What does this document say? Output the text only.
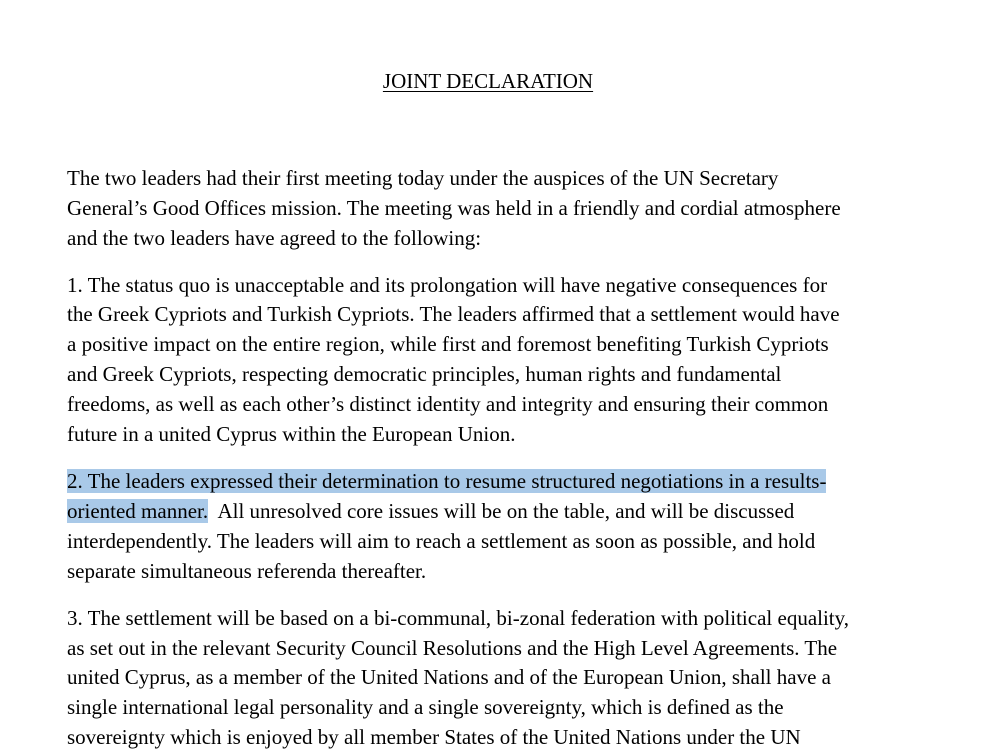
JOINT DECLARATION
The two leaders had their first meeting today under the auspices of the UN Secretary
General’s Good Offices mission. The meeting was held in a friendly and cordial atmosphere
and the two leaders have agreed to the following:
1. The status quo is unacceptable and its prolongation will have negative consequences for
the Greek Cypriots and Turkish Cypriots. The leaders affirmed that a settlement would have
a positive impact on the entire region, while first and foremost benefiting Turkish Cypriots
and Greek Cypriots, respecting democratic principles, human rights and fundamental
freedoms, as well as each other’s distinct identity and integrity and ensuring their common
future in a united Cyprus within the European Union.
2. The leaders expressed their determination to resume structured negotiations in a results-
oriented manner.  All unresolved core issues will be on the table, and will be discussed
interdependently. The leaders will aim to reach a settlement as soon as possible, and hold
separate simultaneous referenda thereafter.
3. The settlement will be based on a bi-communal, bi-zonal federation with political equality,
as set out in the relevant Security Council Resolutions and the High Level Agreements. The
united Cyprus, as a member of the United Nations and of the European Union, shall have a
single international legal personality and a single sovereignty, which is defined as the
sovereignty which is enjoyed by all member States of the United Nations under the UN
